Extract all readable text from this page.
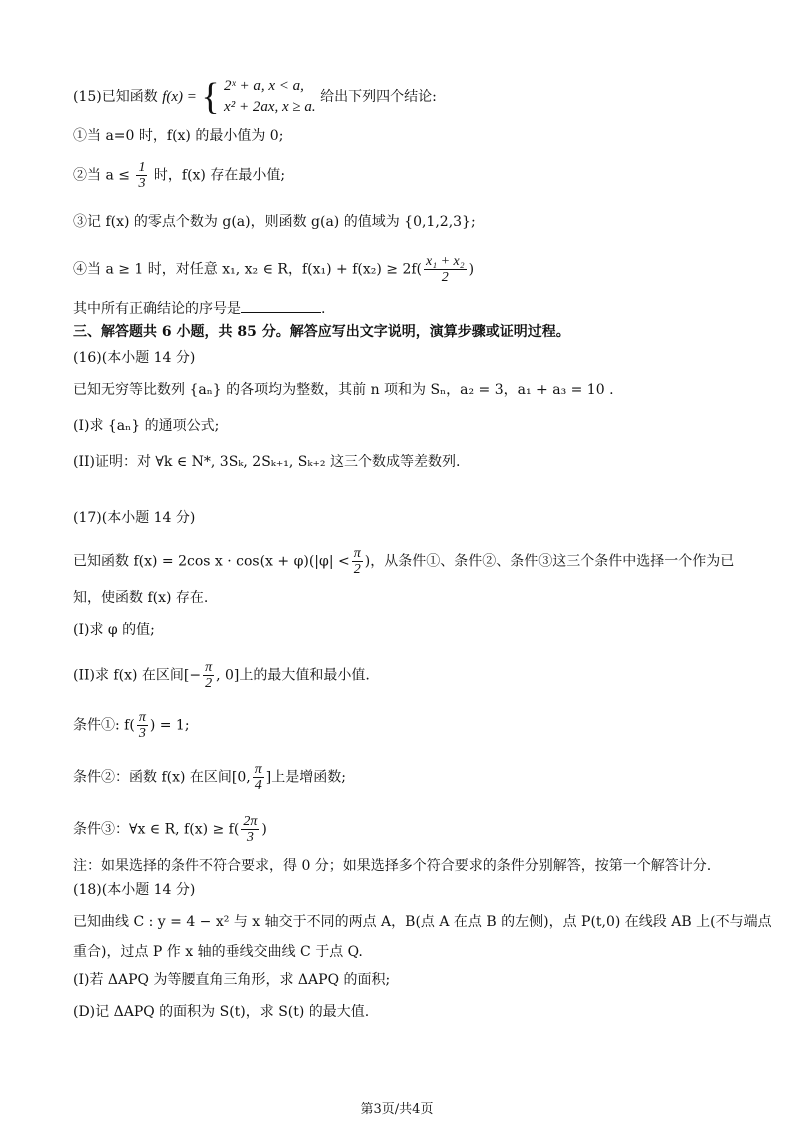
(15)已知函数 f(x) = { 2ˣ + a, x < a,
x² + 2ax, x ≥ a.
给出下列四个结论:
①当 a=0 时，f(x) 的最小值为 0;
②当 $a \le \frac{1}{3}$ 时，f(x) 存在最小值;
③记 f(x) 的零点个数为 g(a)，则函数 g(a) 的值域为 {0,1,2,3};
④当 a ≥ 1 时，对任意 x₁, x₂ ∈ R，$f(x_1) + f(x_2) \ge 2f( \frac{\text{x₁ + x₂}}{2}$ )
其中所有正确结论的序号是	.
三、解答题共 6 小题，共 85 分。解答应写出文字说明，演算步骤或证明过程。
(16)(本小题 14 分)
已知无穷等比数列 {aₙ} 的各项均为整数，其前 n 项和为 Sₙ，a₂ = 3，a₁ + a₃ = 10 .
(I)求 {aₙ} 的通项公式;
(II)证明：对 ∀k ∈ N*, 3Sₖ, 2Sₖ₊₁, Sₖ₊₂ 这三个数成等差数列.
(17)(本小题 14 分)
已知函数 f(x) = 2cos $x \cdot \cos(x + \varphi)(|\varphi| < \frac{\pi}{2}$ )，从条件①、条件②、条件③这三个条件中选择一个作为已
知，使函数 f(x) 存在.
(I)求 φ 的值;
(II)求 f(x) 在区间[− $\frac{\pi}{2}$ , 0]上的最大值和最小值.
条件①: $f( \frac{\pi}{3}$ ) = 1;
条件②：函数 f(x) 在区间[0, $\frac{\pi}{4}$ ]上是增函数;
条件③：∀x ∈ R, $f(x) \ge f( \frac{2\pi}{3}$ )
注：如果选择的条件不符合要求，得 0 分；如果选择多个符合要求的条件分别解答，按第一个解答计分.
(18)(本小题 14 分)
已知曲线 C : y = 4 − x² 与 x 轴交于不同的两点 A，B(点 A 在点 B 的左侧)，点 P(t,0) 在线段 AB 上(不与端点
重合)，过点 P 作 x 轴的垂线交曲线 C 于点 Q.
(I)若 ΔAPQ 为等腰直角三角形，求 ΔAPQ 的面积;
(D)记 ΔAPQ 的面积为 S(t)，求 S(t) 的最大值.
第3页/共4页
